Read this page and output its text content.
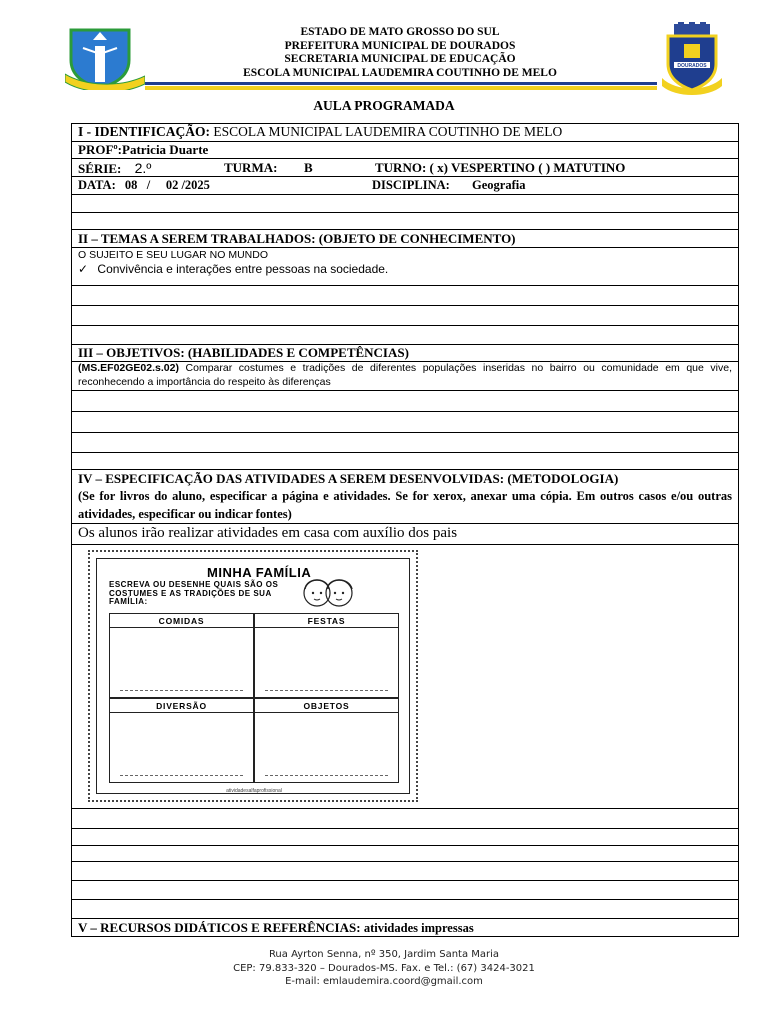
ESTADO DE MATO GROSSO DO SUL
PREFEITURA MUNICIPAL DE DOURADOS
SECRETARIA MUNICIPAL DE EDUCAÇÃO
ESCOLA MUNICIPAL LAUDEMIRA COUTINHO DE MELO
DOURADOS
AULA PROGRAMADA
I - IDENTIFICAÇÃO: ESCOLA MUNICIPAL LAUDEMIRA COUTINHO DE MELO
PROFº:Patricia Duarte
SÉRIE: 2.º	TURMA: B	TURNO: ( x) VESPERTINO ( ) MATUTINO
DATA: 08   /     02 /2025	DISCIPLINA: Geografia
II – TEMAS A SEREM TRABALHADOS: (OBJETO DE CONHECIMENTO)
O SUJEITO E SEU LUGAR NO MUNDO
✓ Convivência e interações entre pessoas na sociedade.
III – OBJETIVOS: (HABILIDADES E COMPETÊNCIAS)
(MS.EF02GE02.s.02) Comparar costumes e tradições de diferentes populações inseridas no bairro ou comunidade em que vive, reconhecendo a importância do respeito às diferenças
IV – ESPECIFICAÇÃO DAS ATIVIDADES A SEREM DESENVOLVIDAS: (METODOLOGIA)
(Se for livros do aluno, especificar a página e atividades. Se for xerox, anexar uma cópia. Em outros casos e/ou outras atividades, especificar ou indicar fontes)
Os alunos irão realizar atividades em casa com auxílio dos pais
MINHA FAMÍLIA
ESCREVA OU DESENHE QUAIS SÃO OS COSTUMES E AS TRADIÇÕES DE SUA FAMÍLIA:
COMIDAS	FESTAS
DIVERSÃO	OBJETOS
atividadesalfaprofissional
V – RECURSOS DIDÁTICOS E REFERÊNCIAS: atividades impressas
Rua Ayrton Senna, nº 350, Jardim Santa Maria
CEP: 79.833-320 – Dourados-MS. Fax. e Tel.: (67) 3424-3021
E-mail: emlaudemira.coord@gmail.com
